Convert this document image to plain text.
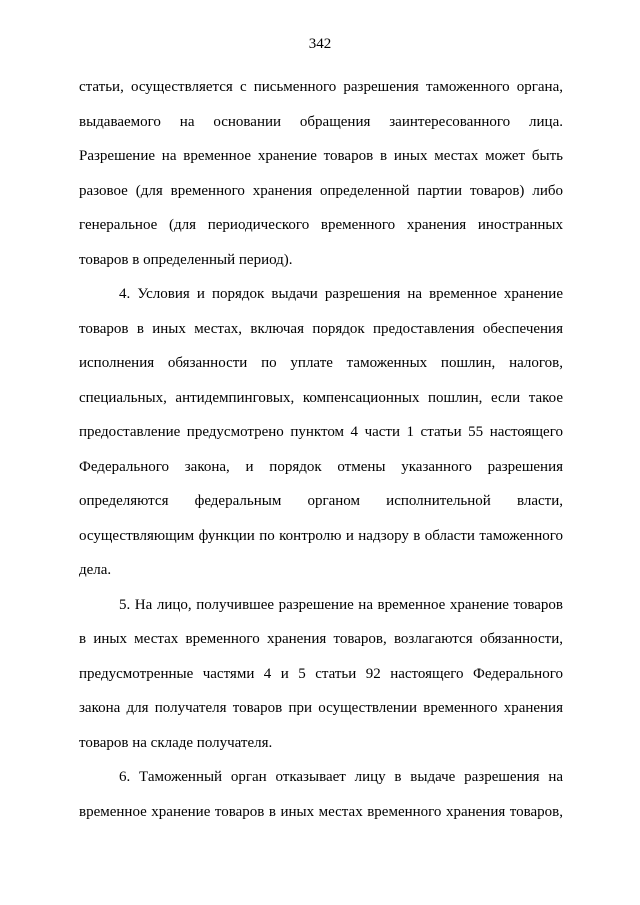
342

статьи, осуществляется с письменного разрешения таможенного органа,
выдаваемого на основании обращения заинтересованного лица.
Разрешение на временное хранение товаров в иных местах может быть
разовое (для временного хранения определенной партии товаров) либо
генеральное (для периодического временного хранения иностранных
товаров в определенный период).

4. Условия и порядок выдачи разрешения на временное хранение
товаров в иных местах, включая порядок предоставления обеспечения
исполнения обязанности по уплате таможенных пошлин, налогов,
специальных, антидемпинговых, компенсационных пошлин, если такое
предоставление предусмотрено пунктом 4 части 1 статьи 55 настоящего
Федерального закона, и порядок отмены указанного разрешения
определяются федеральным органом исполнительной власти,
осуществляющим функции по контролю и надзору в области таможенного
дела.

5. На лицо, получившее разрешение на временное хранение товаров
в иных местах временного хранения товаров, возлагаются обязанности,
предусмотренные частями 4 и 5 статьи 92 настоящего Федерального
закона для получателя товаров при осуществлении временного хранения
товаров на складе получателя.

6. Таможенный орган отказывает лицу в выдаче разрешения на
временное хранение товаров в иных местах временного хранения товаров,
